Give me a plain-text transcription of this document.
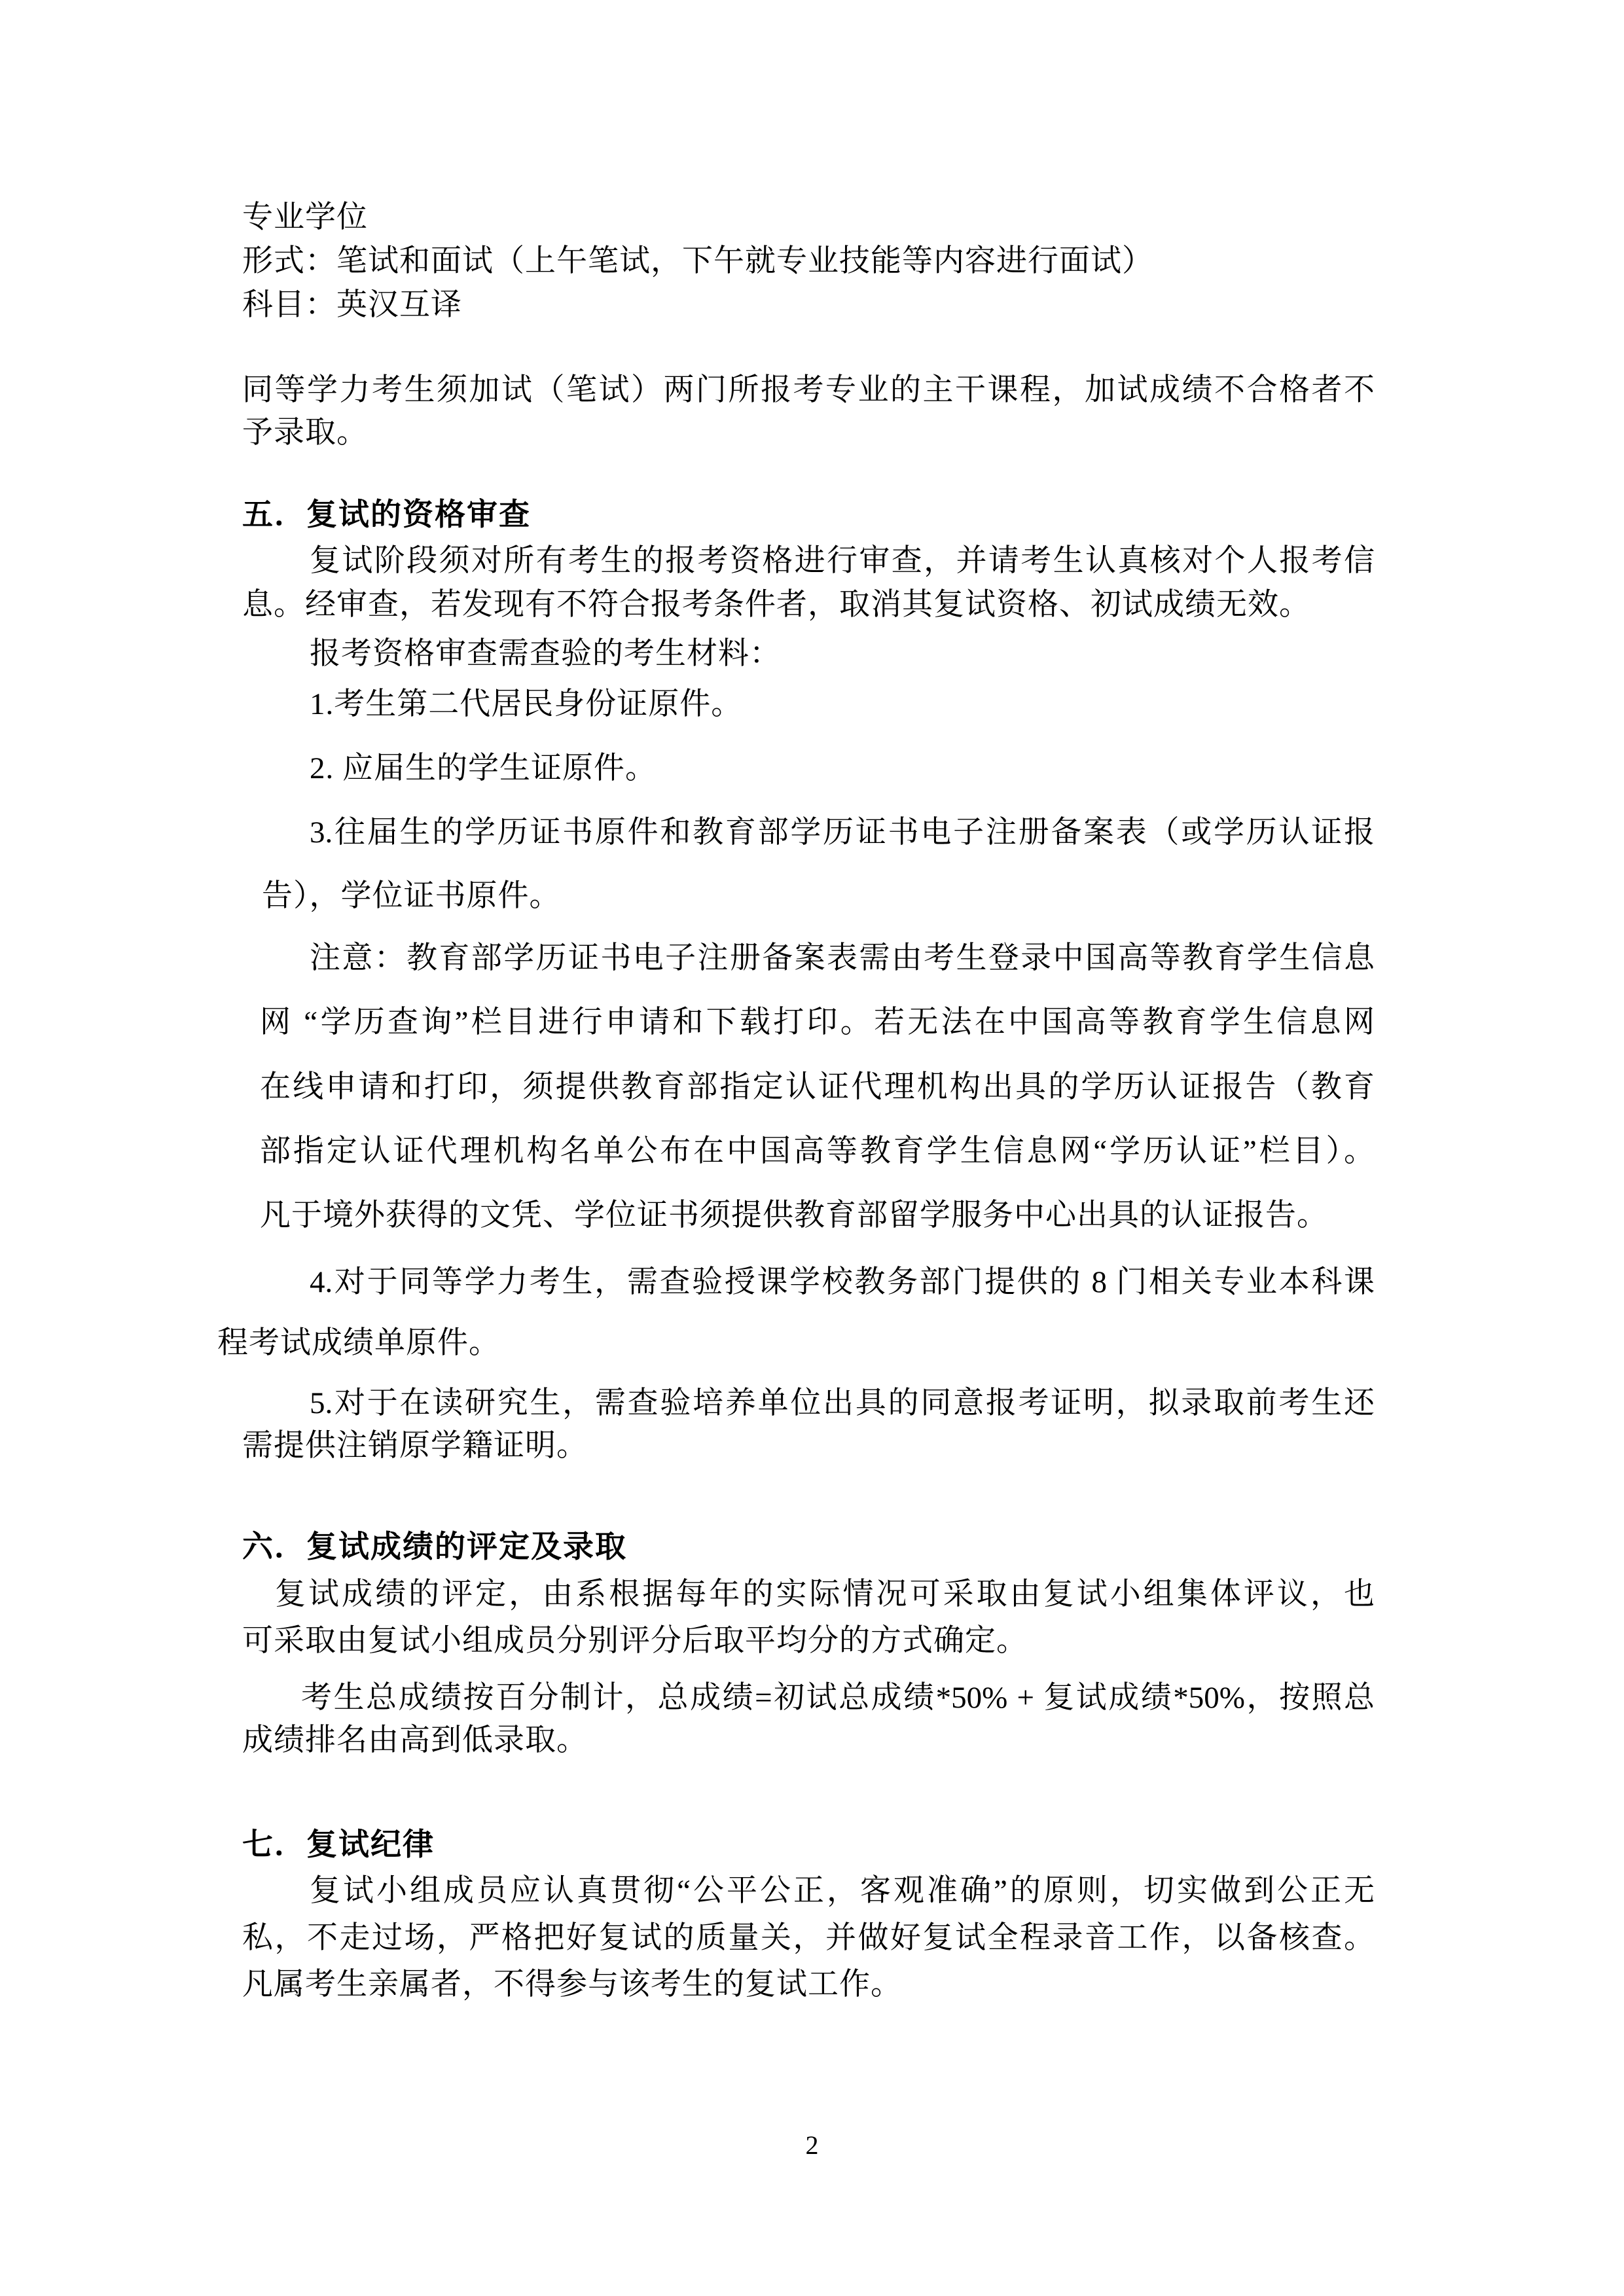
专业学位
形式：笔试和面试（上午笔试，下午就专业技能等内容进行面试）
科目：英汉互译
同等学力考生须加试（笔试）两门所报考专业的主干课程，加试成绩不合格者不
予录取。
五．复试的资格审查
复试阶段须对所有考生的报考资格进行审查，并请考生认真核对个人报考信
息。经审查，若发现有不符合报考条件者，取消其复试资格、初试成绩无效。
报考资格审查需查验的考生材料：
1.考生第二代居民身份证原件。
2. 应届生的学生证原件。
3.往届生的学历证书原件和教育部学历证书电子注册备案表（或学历认证报
告），学位证书原件。
注意：教育部学历证书电子注册备案表需由考生登录中国高等教育学生信息
网 “学历查询”栏目进行申请和下载打印。若无法在中国高等教育学生信息网
在线申请和打印，须提供教育部指定认证代理机构出具的学历认证报告（教育
部指定认证代理机构名单公布在中国高等教育学生信息网“学历认证”栏目）。
凡于境外获得的文凭、学位证书须提供教育部留学服务中心出具的认证报告。
4.对于同等学力考生，需查验授课学校教务部门提供的 8 门相关专业本科课
程考试成绩单原件。
5.对于在读研究生，需查验培养单位出具的同意报考证明，拟录取前考生还
需提供注销原学籍证明。
六．复试成绩的评定及录取
复试成绩的评定，由系根据每年的实际情况可采取由复试小组集体评议，也
可采取由复试小组成员分别评分后取平均分的方式确定。
考生总成绩按百分制计，总成绩=初试总成绩*50% + 复试成绩*50%，按照总
成绩排名由高到低录取。
七．复试纪律
复试小组成员应认真贯彻“公平公正，客观准确”的原则，切实做到公正无
私，不走过场，严格把好复试的质量关，并做好复试全程录音工作，以备核查。
凡属考生亲属者，不得参与该考生的复试工作。
2
